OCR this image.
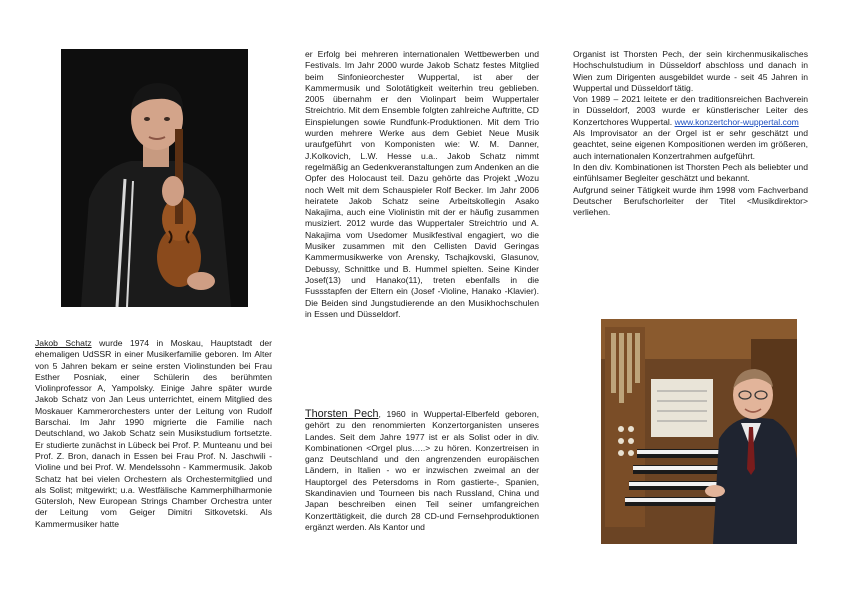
Jakob Schatz wurde 1974 in Moskau, Hauptstadt der ehemaligen UdSSR in einer Musikerfamilie geboren. Im Alter von 5 Jahren bekam er seine ersten Violinstunden bei Frau Esther Posniak, einer Schülerin des berühmten Violinprofessor A, Yampolsky. Einige Jahre später wurde Jakob Schatz von Jan Leus unterrichtet, einem Mitglied des Moskauer Kammerorchesters unter der Leitung von Rudolf Barschai. Im Jahr 1990 migrierte die Familie nach Deutschland, wo Jakob Schatz sein Musikstudium fortsetzte. Er studierte zunächst in Lübeck bei Prof. P. Munteanu und bei Prof. Z. Bron, danach in Essen bei Frau Prof. N. Jaschwili - Violine und bei Prof. W. Mendelssohn - Kammermusik. Jakob Schatz hat bei vielen Orchestern als Orchestermitglied und als Solist; mitgewirkt; u.a. Westfälische Kammerphilharmonie Gütersloh, New European Strings Chamber Orchestra unter der Leitung vom Geiger Dimitri Sitkovetski. Als Kammermusiker hatte

er Erfolg bei mehreren internationalen Wettbewerben und Festivals. Im Jahr 2000 wurde Jakob Schatz festes Mitglied beim Sinfonieorchester Wuppertal, ist aber der Kammermusik und Solotätigkeit weiterhin treu geblieben. 2005 übernahm er den Violinpart beim Wuppertaler Streichtrio. Mit dem Ensemble folgten zahlreiche Auftritte, CD Einspielungen sowie Rundfunk-Produktionen. Mit dem Trio wurden mehrere Werke aus dem Gebiet Neue Musik uraufgeführt von Komponisten wie: W. M. Danner, J.Kolkovich, L.W. Hesse u.a.. Jakob Schatz nimmt regelmäßig an Gedenkveranstaltungen zum Andenken an die Opfer des Holocaust teil. Dazu gehörte das Projekt „Wozu noch Welt mit dem Schauspieler Rolf Becker. Im Jahr 2006 heiratete Jakob Schatz seine Arbeitskollegin Asako Nakajima, auch eine Violinistin mit der er häufig zusammen musiziert. 2012 wurde das Wuppertaler Streichtrio und A. Nakajima vom Usedomer Musikfestival engagiert, wo die Musiker zusammen mit den Cellisten David Geringas Kammermusikwerke von Arensky, Tschajkovski, Glasunov, Debussy, Schnittke und B. Hummel spielten. Seine Kinder Josef(13) und Hanako(11), treten ebenfalls in die Fussstapfen der Eltern ein (Josef -Violine, Hanako -Klavier). Die Beiden sind Jungstudierende an den Musikhochschulen in Essen und Düsseldorf.

Thorsten Pech, 1960 in Wuppertal-Elberfeld geboren, gehört zu den renommierten Konzertorganisten unseres Landes. Seit dem Jahre 1977 ist er als Solist oder in div. Kombinationen <Orgel plus…..> zu hören. Konzertreisen in ganz Deutschland und den angrenzenden europäischen Ländern, in Italien - wo er inzwischen zweimal an der Hauptorgel des Petersdoms in Rom gastierte-, Spanien, Skandinavien und Tourneen bis nach Russland, China und Japan beschreiben einen Teil seiner umfangreichen Konzerttätigkeit, die durch 28 CD-und Fernsehproduktionen ergänzt werden. Als Kantor und

Organist ist Thorsten Pech, der sein kirchenmusikalisches Hochschulstudium in Düsseldorf abschloss und danach in Wien zum Dirigenten ausgebildet wurde - seit 45 Jahren in Wuppertal und Düsseldorf tätig.

Von 1989 – 2021 leitete er den traditionsreichen Bachverein in Düsseldorf, 2003 wurde er künstlerischer Leiter des Konzertchores Wuppertal. www.konzertchor-wuppertal.com

Als Improvisator an der Orgel ist er sehr geschätzt und geachtet, seine eigenen Kompositionen werden im größeren, auch internationalen Konzertrahmen aufgeführt.

In den div. Kombinationen ist Thorsten Pech als beliebter und einfühlsamer Begleiter geschätzt und bekannt.

Aufgrund seiner Tätigkeit wurde ihm 1998 vom Fachverband Deutscher Berufschorleiter der Titel <Musikdirektor> verliehen.
